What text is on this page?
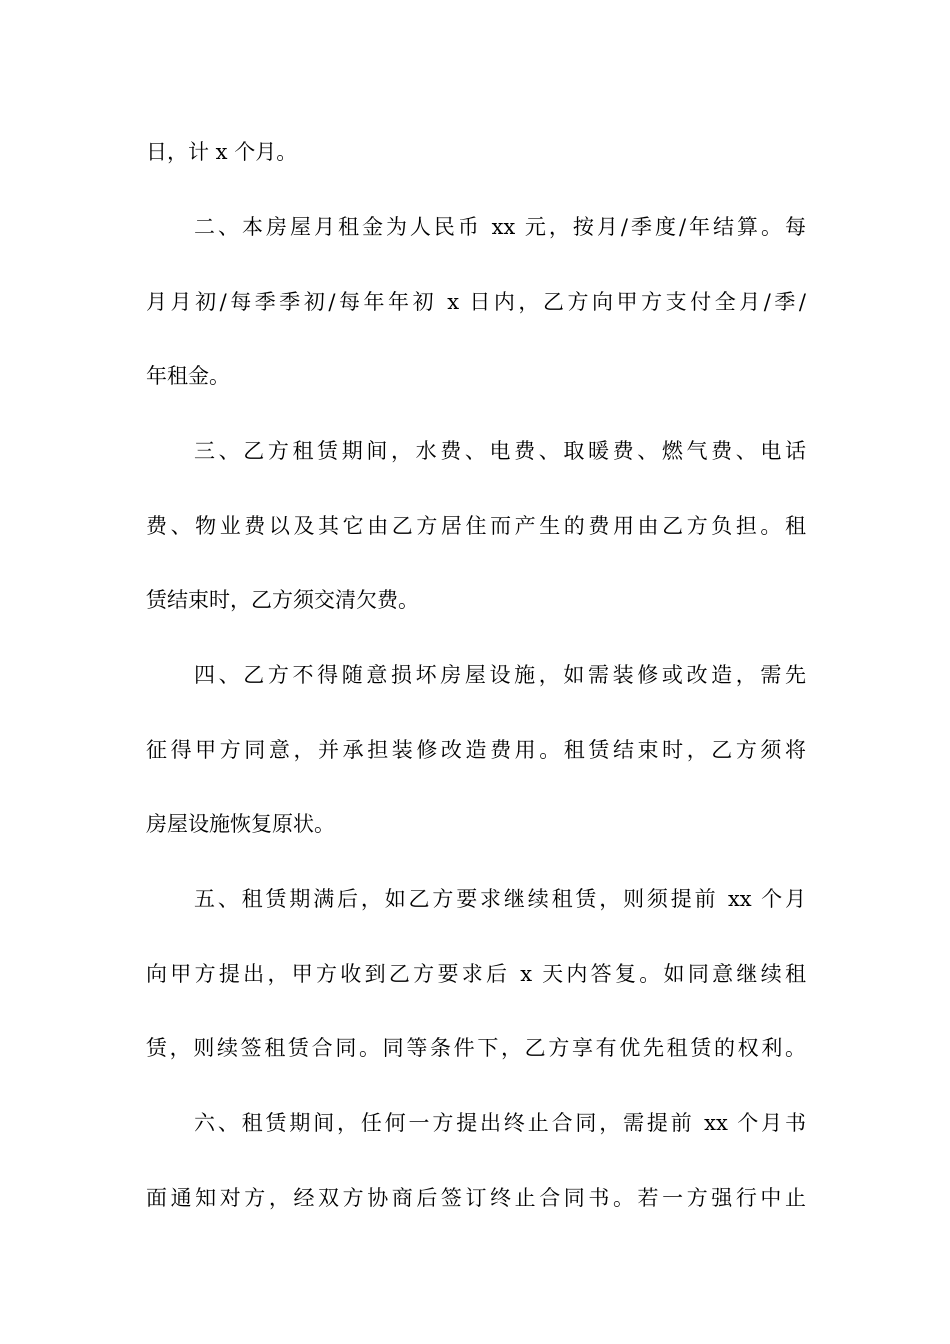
日，计 x 个月。
二、本房屋月租金为人民币 xx 元，按月/季度/年结算。每
月月初/每季季初/每年年初 x 日内，乙方向甲方支付全月/季/
年租金。
三、乙方租赁期间，水费、电费、取暖费、燃气费、电话
费、物业费以及其它由乙方居住而产生的费用由乙方负担。租
赁结束时，乙方须交清欠费。
四、乙方不得随意损坏房屋设施，如需装修或改造，需先
征得甲方同意，并承担装修改造费用。租赁结束时，乙方须将
房屋设施恢复原状。
五、租赁期满后，如乙方要求继续租赁，则须提前 xx 个月
向甲方提出，甲方收到乙方要求后 x 天内答复。如同意继续租
赁，则续签租赁合同。同等条件下，乙方享有优先租赁的权利。
六、租赁期间，任何一方提出终止合同，需提前 xx 个月书
面通知对方，经双方协商后签订终止合同书。若一方强行中止
